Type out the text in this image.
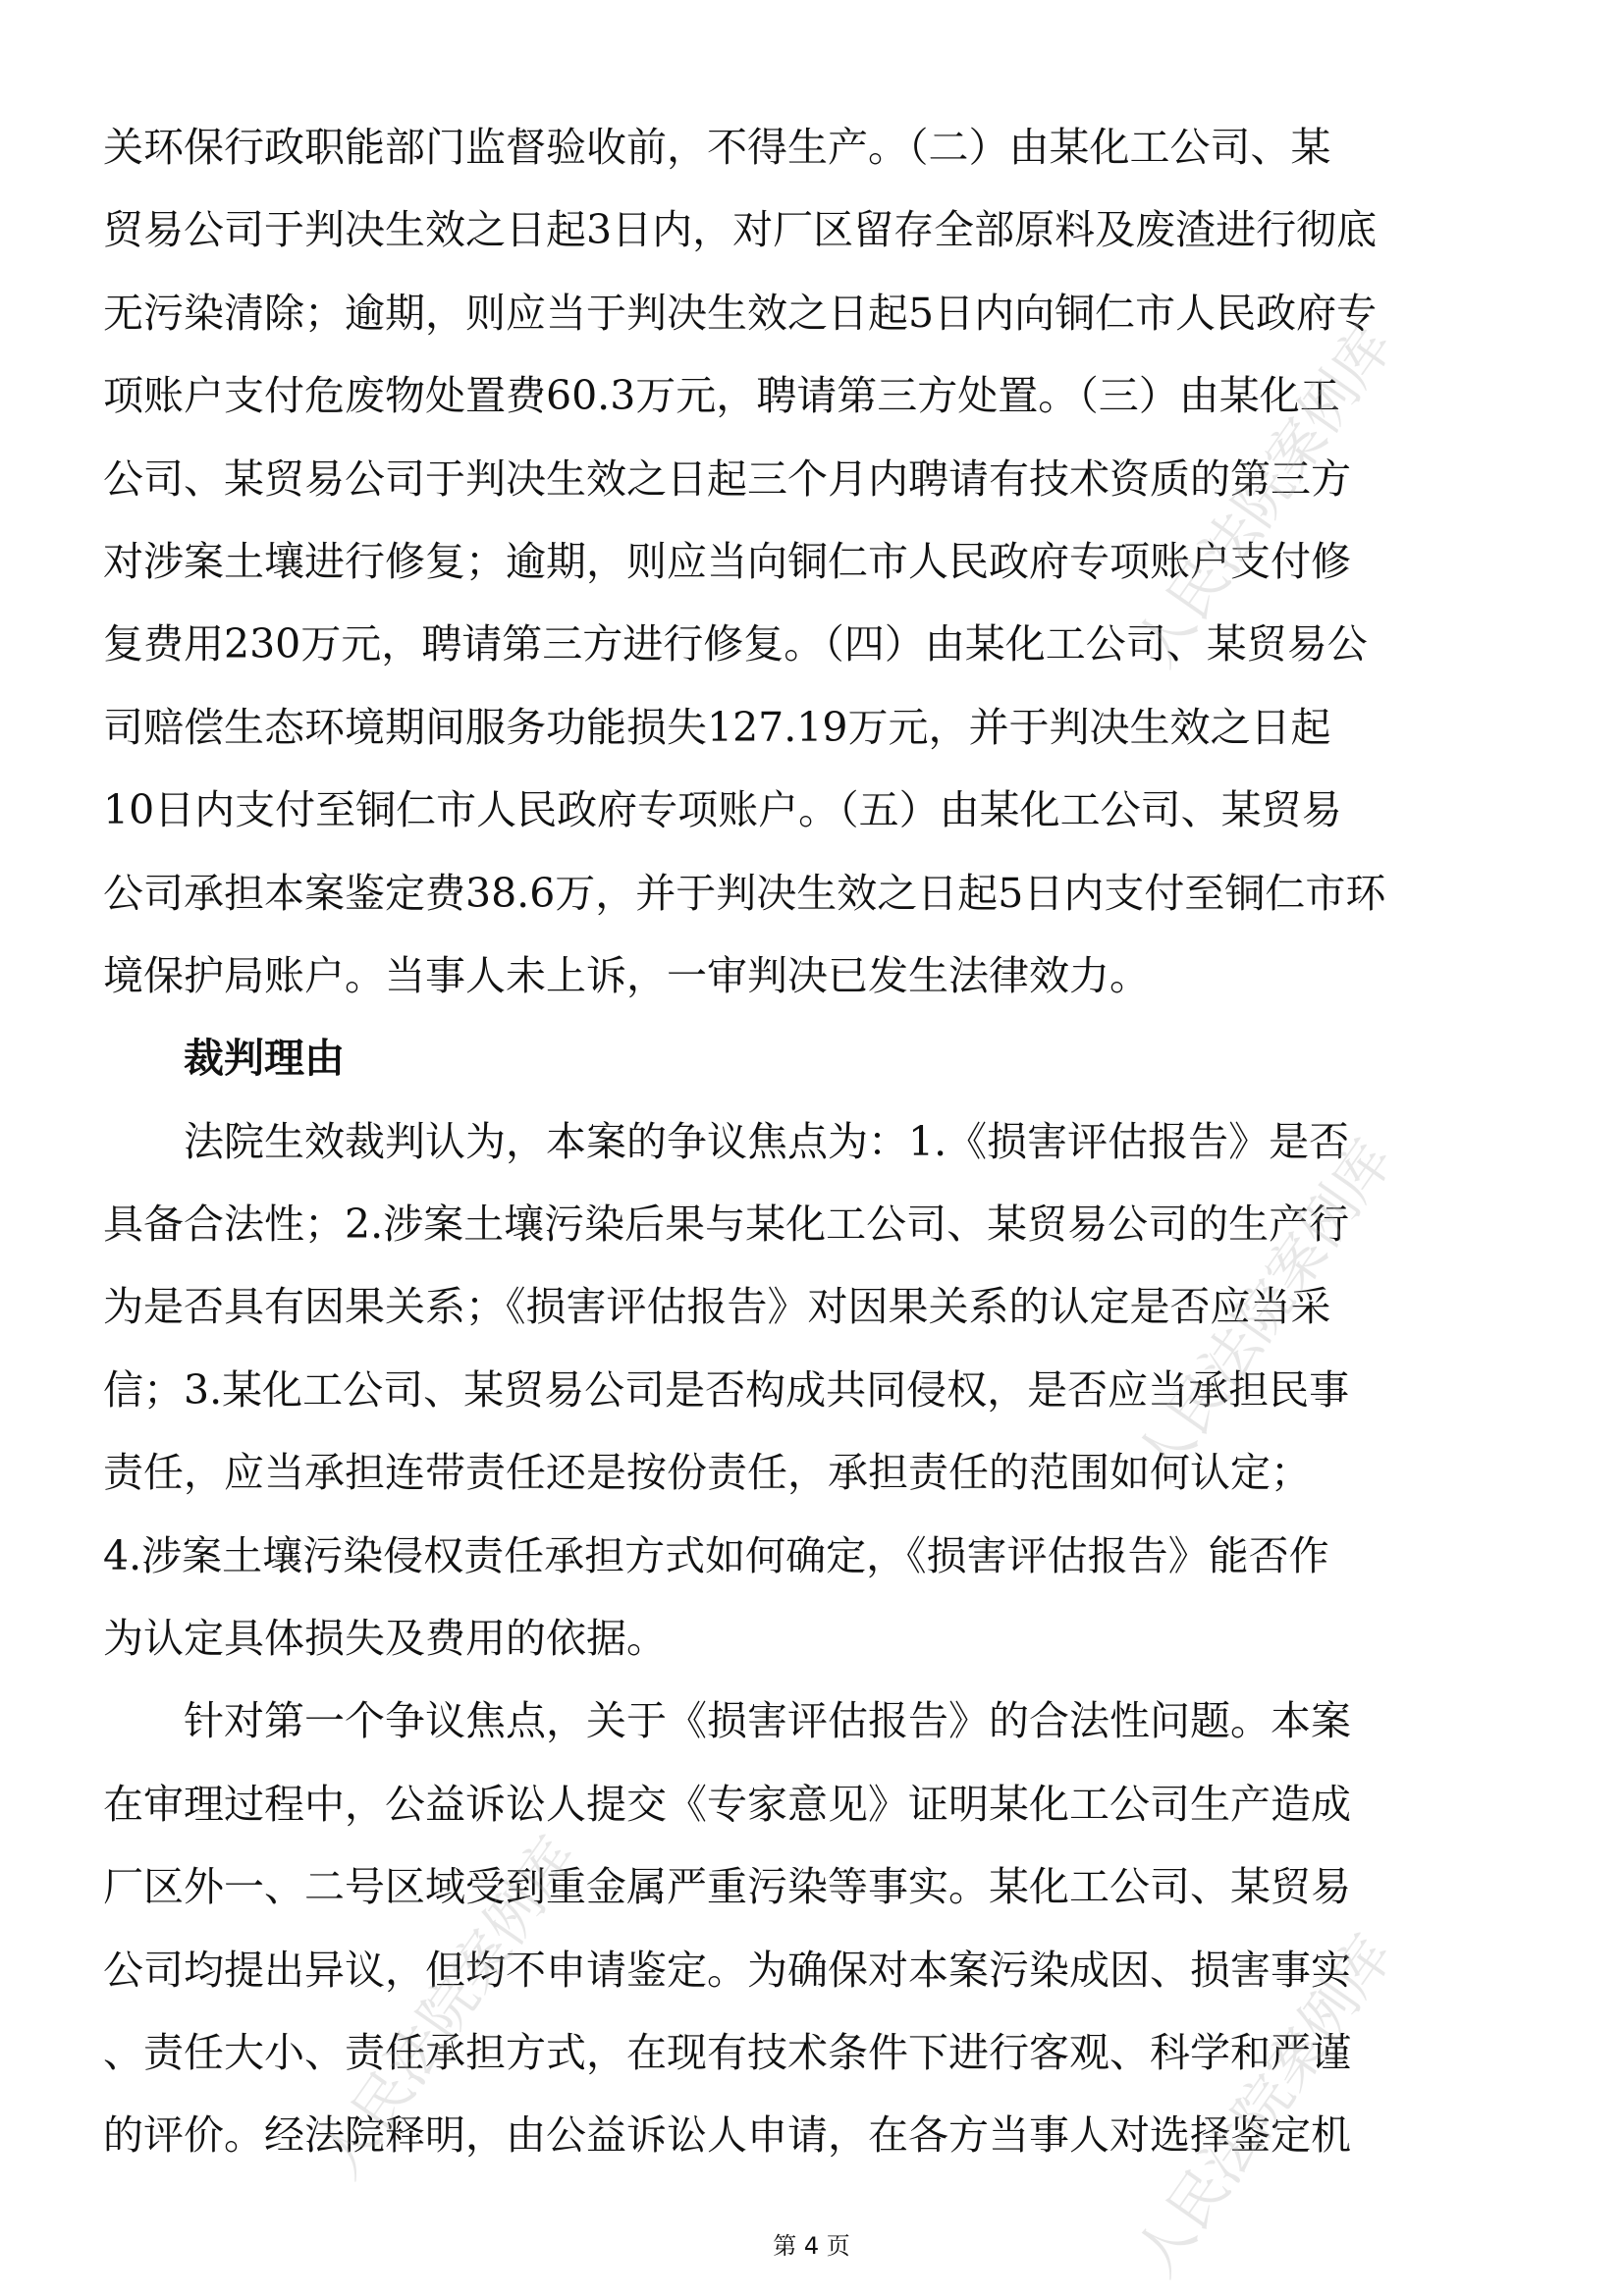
关环保行政职能部门监督验收前，不得生产。（二）由某化工公司、某
贸易公司于判决生效之日起3日内，对厂区留存全部原料及废渣进行彻底
无污染清除；逾期，则应当于判决生效之日起5日内向铜仁市人民政府专
项账户支付危废物处置费60.3万元，聘请第三方处置。（三）由某化工
公司、某贸易公司于判决生效之日起三个月内聘请有技术资质的第三方
对涉案土壤进行修复；逾期，则应当向铜仁市人民政府专项账户支付修
复费用230万元，聘请第三方进行修复。（四）由某化工公司、某贸易公
司赔偿生态环境期间服务功能损失127.19万元，并于判决生效之日起
10日内支付至铜仁市人民政府专项账户。（五）由某化工公司、某贸易
公司承担本案鉴定费38.6万，并于判决生效之日起5日内支付至铜仁市环
境保护局账户。当事人未上诉，一审判决已发生法律效力。
裁判理由
法院生效裁判认为，本案的争议焦点为：1.《损害评估报告》是否
具备合法性；2.涉案土壤污染后果与某化工公司、某贸易公司的生产行
为是否具有因果关系；《损害评估报告》对因果关系的认定是否应当采
信；3.某化工公司、某贸易公司是否构成共同侵权，是否应当承担民事
责任，应当承担连带责任还是按份责任，承担责任的范围如何认定；
4.涉案土壤污染侵权责任承担方式如何确定，《损害评估报告》能否作
为认定具体损失及费用的依据。
针对第一个争议焦点，关于《损害评估报告》的合法性问题。本案
在审理过程中，公益诉讼人提交《专家意见》证明某化工公司生产造成
厂区外一、二号区域受到重金属严重污染等事实。某化工公司、某贸易
公司均提出异议，但均不申请鉴定。为确保对本案污染成因、损害事实
、责任大小、责任承担方式，在现有技术条件下进行客观、科学和严谨
的评价。经法院释明，由公益诉讼人申请，在各方当事人对选择鉴定机
人民法院案例库
人民法院案例库
人民法院案例库	人民法院案例库
第 4 页
